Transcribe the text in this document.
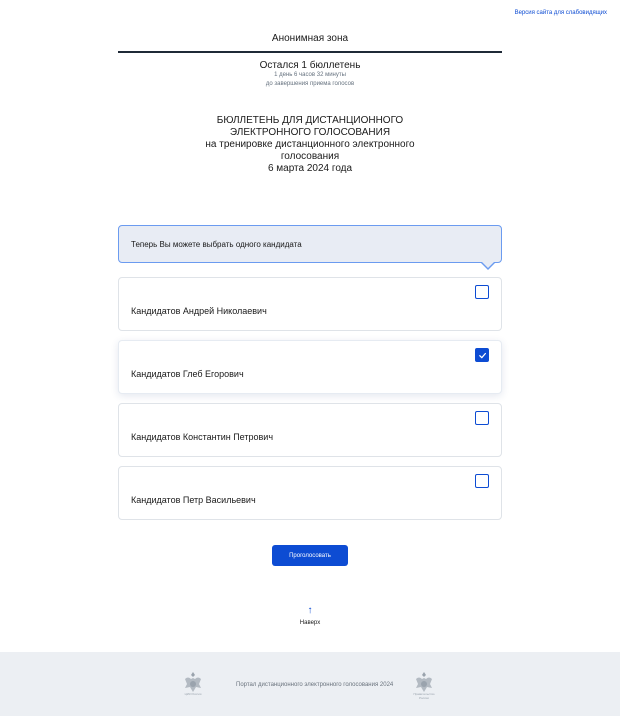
Версия сайта для слабовидящих
Анонимная зона
Остался 1 бюллетень
1 день 6 часов 32 минуты
до завершения приема голосов
БЮЛЛЕТЕНЬ ДЛЯ ДИСТАНЦИОННОГО
ЭЛЕКТРОННОГО ГОЛОСОВАНИЯ
на тренировке дистанционного электронного
голосования
6 марта 2024 года
Теперь Вы можете выбрать одного кандидата
Кандидатов Андрей Николаевич
Кандидатов Глеб Егорович
Кандидатов Константин Петрович
Кандидатов Петр Васильевич
Проголосовать
↑
Наверх
ЦИК России
Портал дистанционного электронного голосования 2024
Правительство России
